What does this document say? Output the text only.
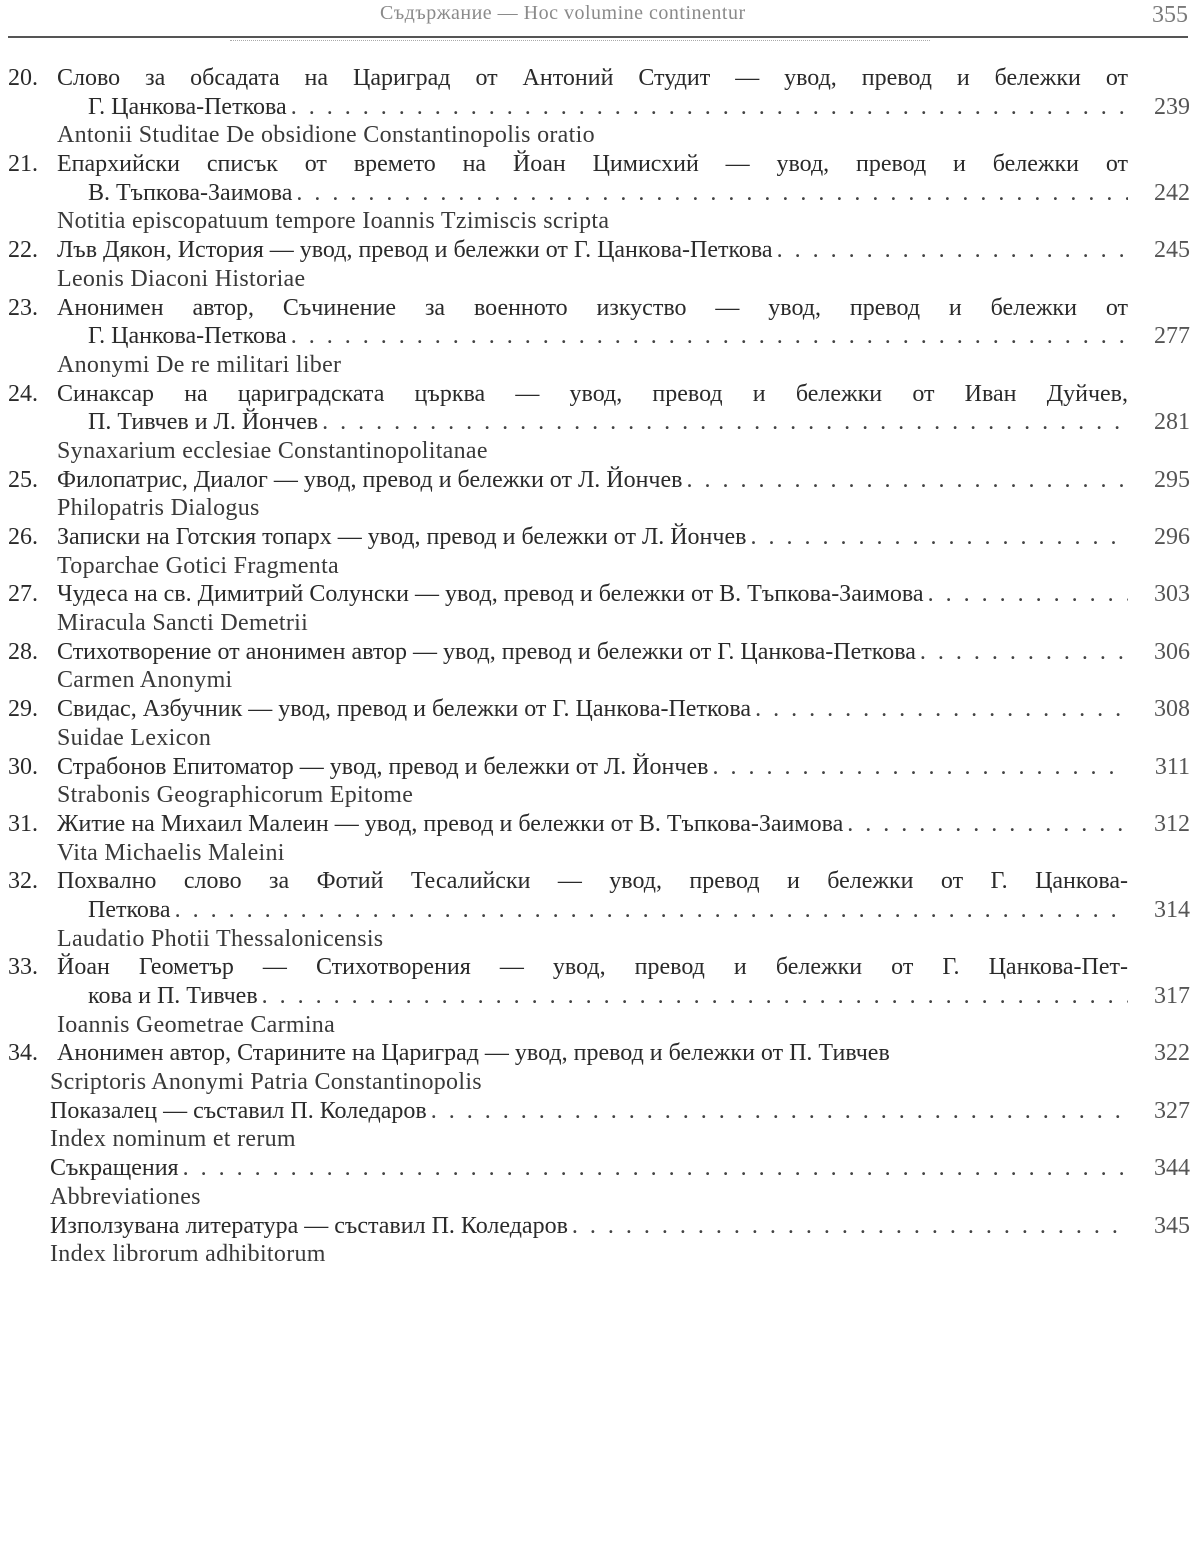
Съдържание — Hoc volumine continentur	355
20. Слово за обсадата на Цариград от Антоний Студит — увод, превод и бележки от
Г. Цанкова-Петкова . . .	239
Antonii Studitae De obsidione Constantinopolis oratio
21. Епархийски списък от времето на Йоан Цимисхий — увод, превод и бележки от
В. Тъпкова-Заимова . . .	242
Notitia episcopatuum tempore Ioannis Tzimiscis scripta
22. Лъв Дякон, История — увод, превод и бележки от Г. Цанкова-Петкова . . .	245
Leonis Diaconi Historiae
23. Анонимен автор, Съчинение за военното изкуство — увод, превод и бележки от
Г. Цанкова-Петкова . . .	277
Anonymi De re militari liber
24. Синаксар на цариградската църква — увод, превод и бележки от Иван Дуйчев,
П. Тивчев и Л. Йончев . . .	281
Synaxarium ecclesiae Constantinopolitanae
25. Филопатрис, Диалог — увод, превод и бележки от Л. Йончев . . .	295
Philopatris Dialogus
26. Записки на Готския топарх — увод, превод и бележки от Л. Йончев . . .	296
Toparchae Gotici Fragmenta
27. Чудеса на св. Димитрий Солунски — увод, превод и бележки от В. Тъпкова-Заимова . . .	303
Miracula Sancti Demetrii
28. Стихотворение от анонимен автор — увод, превод и бележки от Г. Цанкова-Петкова . . .	306
Carmen Anonymi
29. Свидас, Азбучник — увод, превод и бележки от Г. Цанкова-Петкова . . .	308
Suidae Lexicon
30. Страбонов Епитоматор — увод, превод и бележки от Л. Йончев . . .	311
Strabonis Geographicorum Epitome
31. Житие на Михаил Малеин — увод, превод и бележки от В. Тъпкова-Заимова . . .	312
Vita Michaelis Maleini
32. Похвално слово за Фотий Тесалийски — увод, превод и бележки от Г. Цанкова-
Петкова . . .	314
Laudatio Photii Thessalonicensis
33. Йоан Геометър — Стихотворения — увод, превод и бележки от Г. Цанкова-Пет-
кова и П. Тивчев . . .	317
Ioannis Geometrae Carmina
34. Анонимен автор, Старините на Цариград — увод, превод и бележки от П. Тивчев	322
Scriptoris Anonymi Patria Constantinopolis
Показалец — съставил П. Коледаров . . .	327
Index nominum et rerum
Съкращения . . .	344
Abbreviationes
Използувана литература — съставил П. Коледаров . . .	345
Index librorum adhibitorum
